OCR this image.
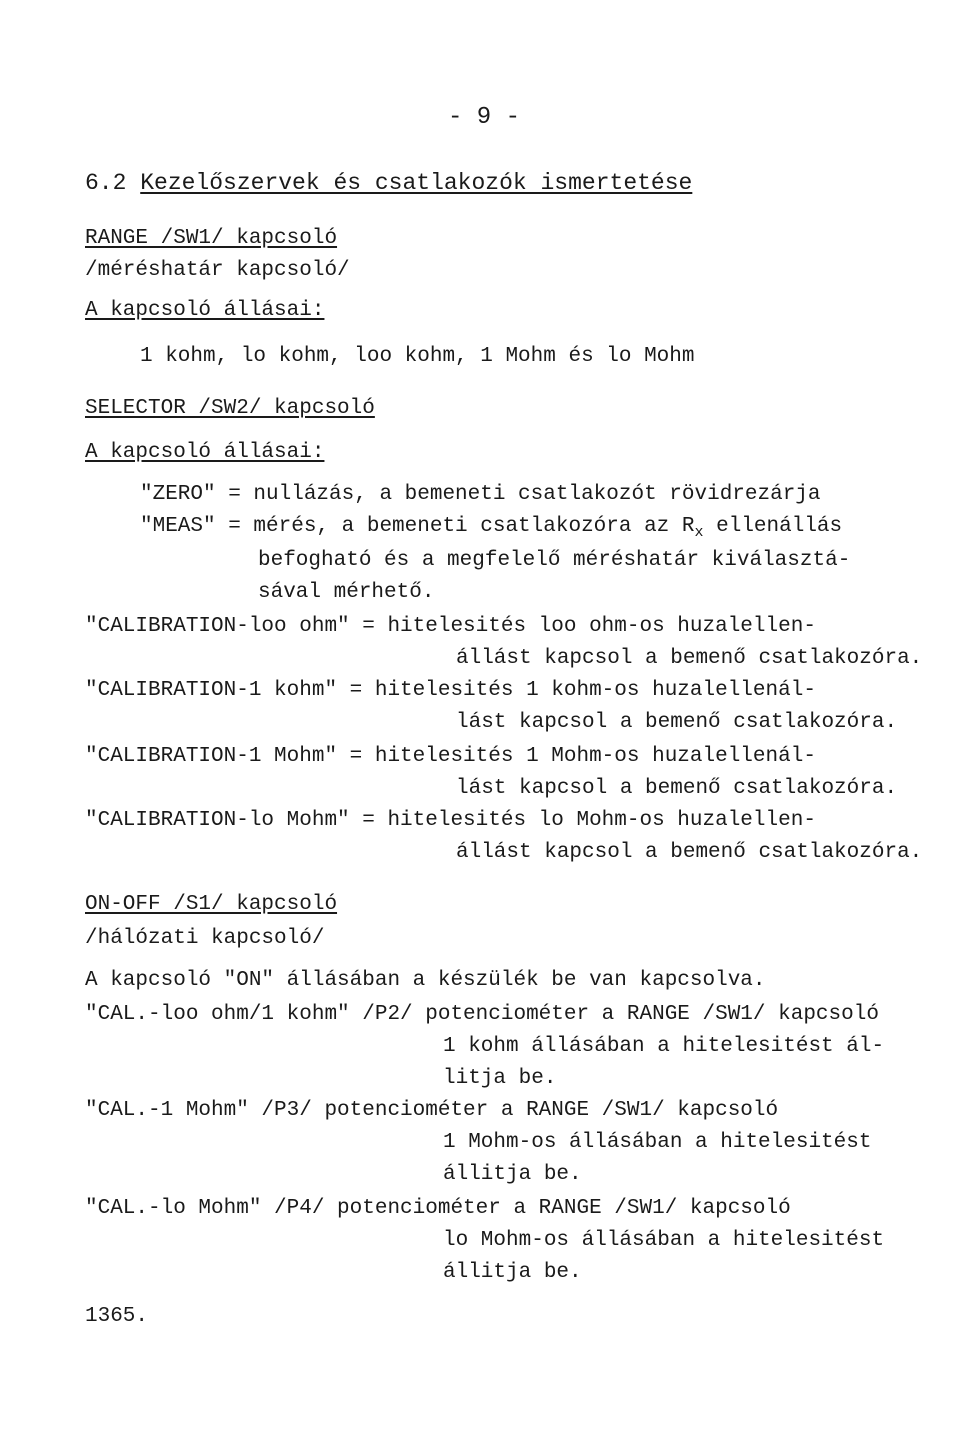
- 9 -
6.2 Kezelőszervek és csatlakozók ismertetése
RANGE /SW1/ kapcsoló
/méréshatár kapcsoló/
A kapcsoló állásai:
1 kohm, lo kohm, loo kohm, 1 Mohm és lo Mohm
SELECTOR /SW2/ kapcsoló
A kapcsoló állásai:
"ZERO" = nullázás, a bemeneti csatlakozót rövidrezárja
"MEAS" = mérés, a bemeneti csatlakozóra az $R_x$ ellenállás
befogható és a megfelelő méréshatár kiválasztá-
sával mérhető.
"CALIBRATION-loo ohm" = hitelesités loo ohm-os huzalellen-
állást kapcsol a bemenő csatlakozóra.
"CALIBRATION-1 kohm" = hitelesités 1 kohm-os huzalellenál-
lást kapcsol a bemenő csatlakozóra.
"CALIBRATION-1 Mohm" = hitelesités 1 Mohm-os huzalellenál-
lást kapcsol a bemenő csatlakozóra.
"CALIBRATION-lo Mohm" = hitelesités lo Mohm-os huzalellen-
állást kapcsol a bemenő csatlakozóra.
ON-OFF /S1/ kapcsoló
/hálózati kapcsoló/
A kapcsoló "ON" állásában a készülék be van kapcsolva.
"CAL.-loo ohm/1 kohm" /P2/ potenciométer a RANGE /SW1/ kapcsoló
1 kohm állásában a hitelesitést ál-
litja be.
"CAL.-1 Mohm" /P3/ potenciométer a RANGE /SW1/ kapcsoló
1 Mohm-os állásában a hitelesitést
állitja be.
"CAL.-lo Mohm" /P4/ potenciométer a RANGE /SW1/ kapcsoló
lo Mohm-os állásában a hitelesitést
állitja be.
1365.
